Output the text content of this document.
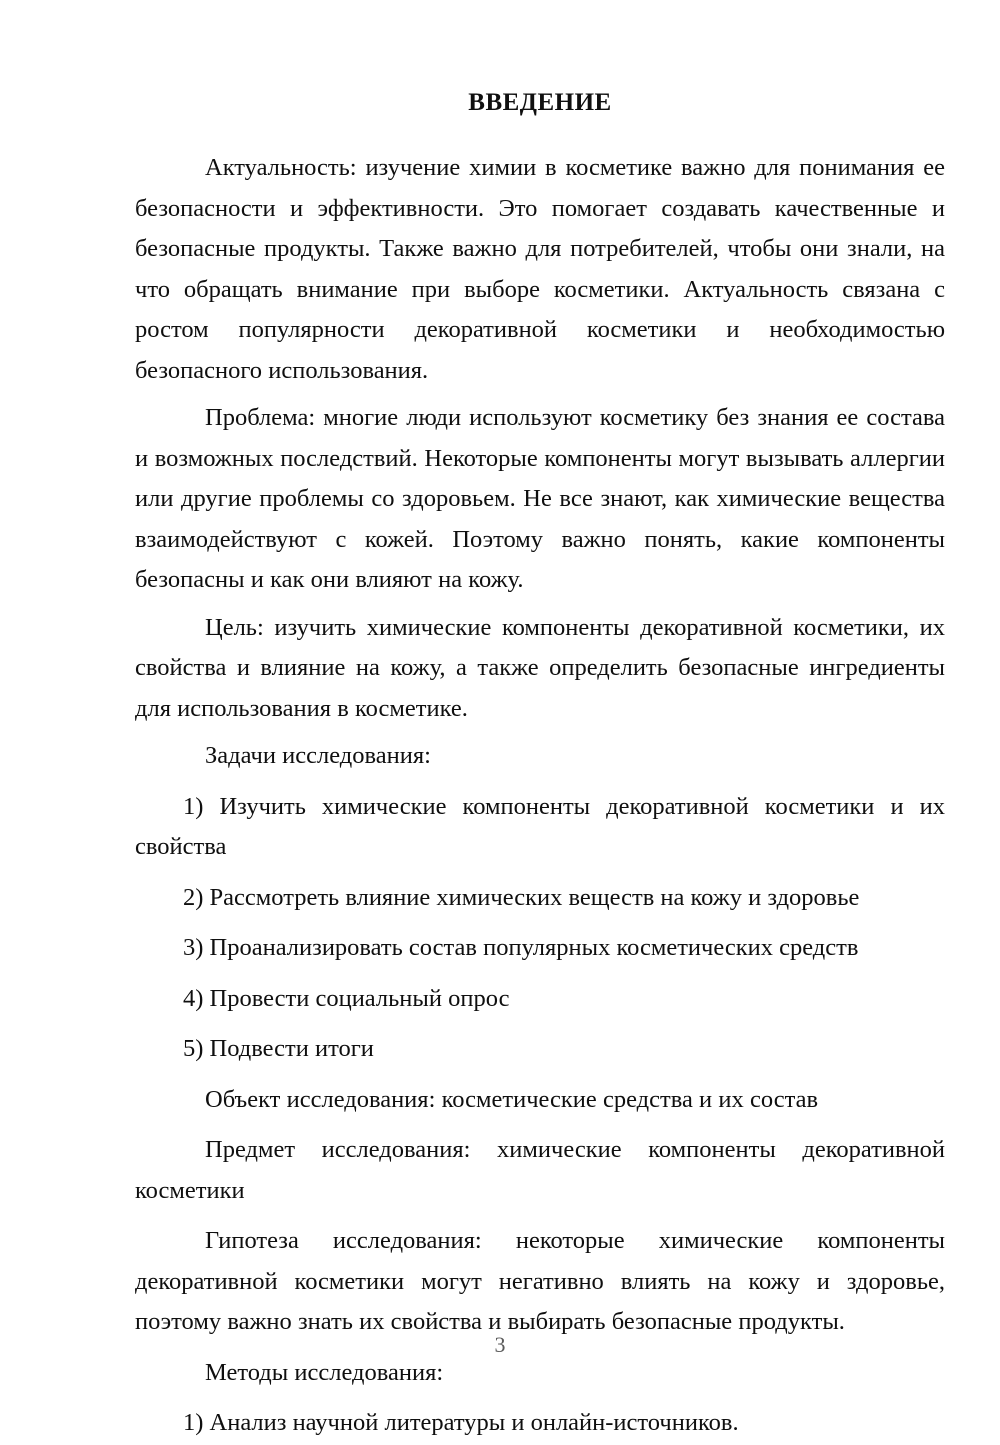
ВВЕДЕНИЕ

Актуальность: изучение химии в косметике важно для понимания ее безопасности и эффективности. Это помогает создавать качественные и безопасные продукты. Также важно для потребителей, чтобы они знали, на что обращать внимание при выборе косметики. Актуальность связана с ростом популярности декоративной косметики и необходимостью безопасного использования.

Проблема: многие люди используют косметику без знания ее состава и возможных последствий. Некоторые компоненты могут вызывать аллергии или другие проблемы со здоровьем. Не все знают, как химические вещества взаимодействуют с кожей. Поэтому важно понять, какие компоненты безопасны и как они влияют на кожу.

Цель: изучить химические компоненты декоративной косметики, их свойства и влияние на кожу, а также определить безопасные ингредиенты для использования в косметике.

Задачи исследования:

1) Изучить химические компоненты декоративной косметики и их свойства

2) Рассмотреть влияние химических веществ на кожу и здоровье

3) Проанализировать состав популярных косметических средств

4) Провести социальный опрос

5) Подвести итоги

Объект исследования: косметические средства и их состав

Предмет исследования: химические компоненты декоративной косметики

Гипотеза исследования: некоторые химические компоненты декоративной косметики могут негативно влиять на кожу и здоровье, поэтому важно знать их свойства и выбирать безопасные продукты.

Методы исследования:

1) Анализ научной литературы и онлайн-источников.

3
